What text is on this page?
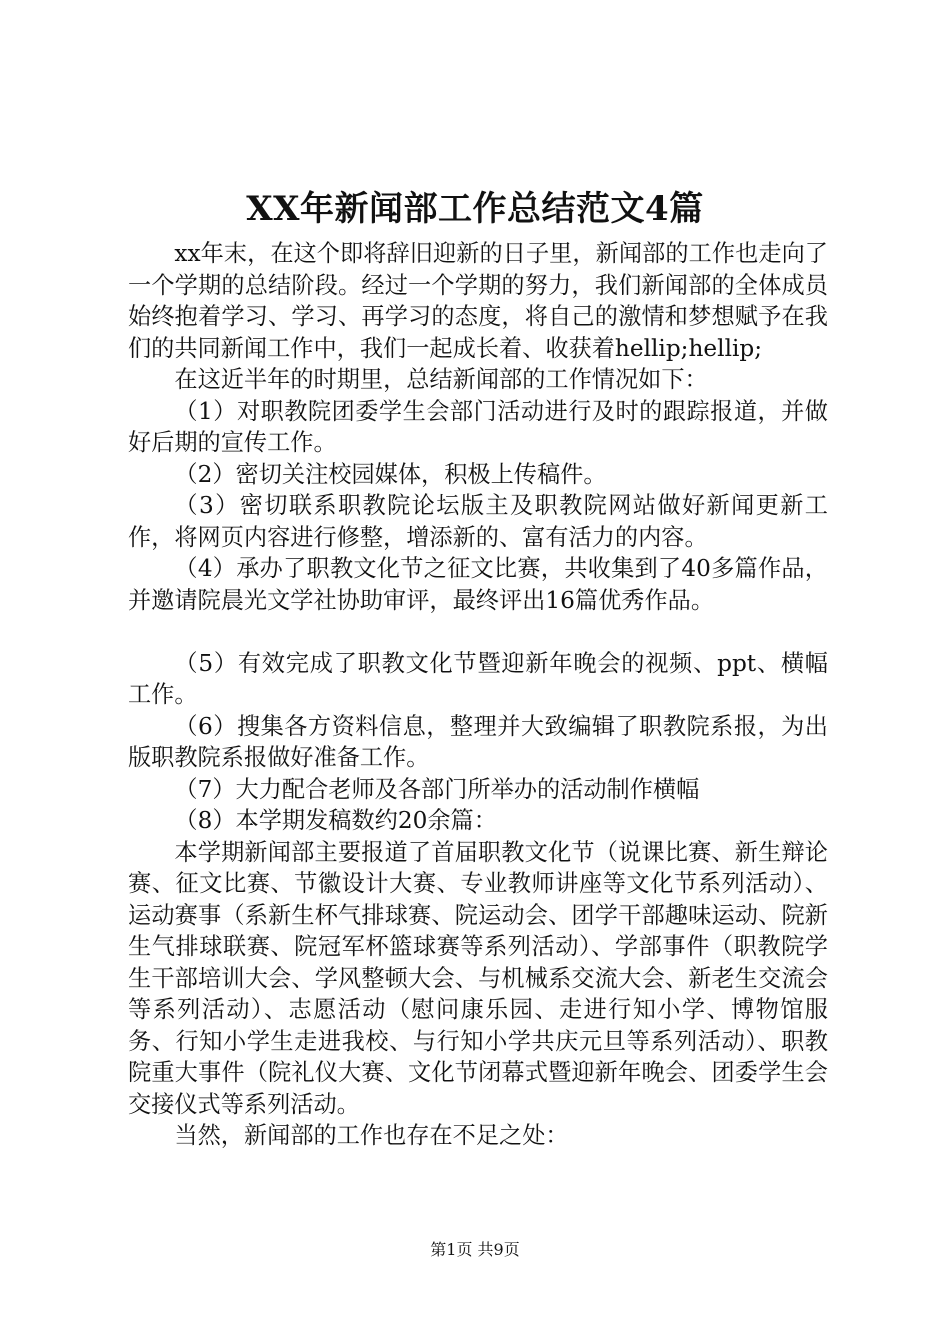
XX年新闻部工作总结范文4篇

xx年末，在这个即将辞旧迎新的日子里，新闻部的工作也走向了一个学期的总结阶段。经过一个学期的努力，我们新闻部的全体成员始终抱着学习、学习、再学习的态度，将自己的激情和梦想赋予在我们的共同新闻工作中，我们一起成长着、收获着hellip;hellip;

在这近半年的时期里，总结新闻部的工作情况如下：

（1）对职教院团委学生会部门活动进行及时的跟踪报道，并做好后期的宣传工作。

（2）密切关注校园媒体，积极上传稿件。

（3）密切联系职教院论坛版主及职教院网站做好新闻更新工作，将网页内容进行修整，增添新的、富有活力的内容。

（4）承办了职教文化节之征文比赛，共收集到了40多篇作品，并邀请院晨光文学社协助审评，最终评出16篇优秀作品。

（5）有效完成了职教文化节暨迎新年晚会的视频、ppt、横幅工作。

（6）搜集各方资料信息，整理并大致编辑了职教院系报，为出版职教院系报做好准备工作。

（7）大力配合老师及各部门所举办的活动制作横幅

（8）本学期发稿数约20余篇：

本学期新闻部主要报道了首届职教文化节（说课比赛、新生辩论赛、征文比赛、节徽设计大赛、专业教师讲座等文化节系列活动）、运动赛事（系新生杯气排球赛、院运动会、团学干部趣味运动、院新生气排球联赛、院冠军杯篮球赛等系列活动）、学部事件（职教院学生干部培训大会、学风整顿大会、与机械系交流大会、新老生交流会等系列活动）、志愿活动（慰问康乐园、走进行知小学、博物馆服务、行知小学生走进我校、与行知小学共庆元旦等系列活动）、职教院重大事件（院礼仪大赛、文化节闭幕式暨迎新年晚会、团委学生会交接仪式等系列活动。

当然，新闻部的工作也存在不足之处：

第1页 共9页
